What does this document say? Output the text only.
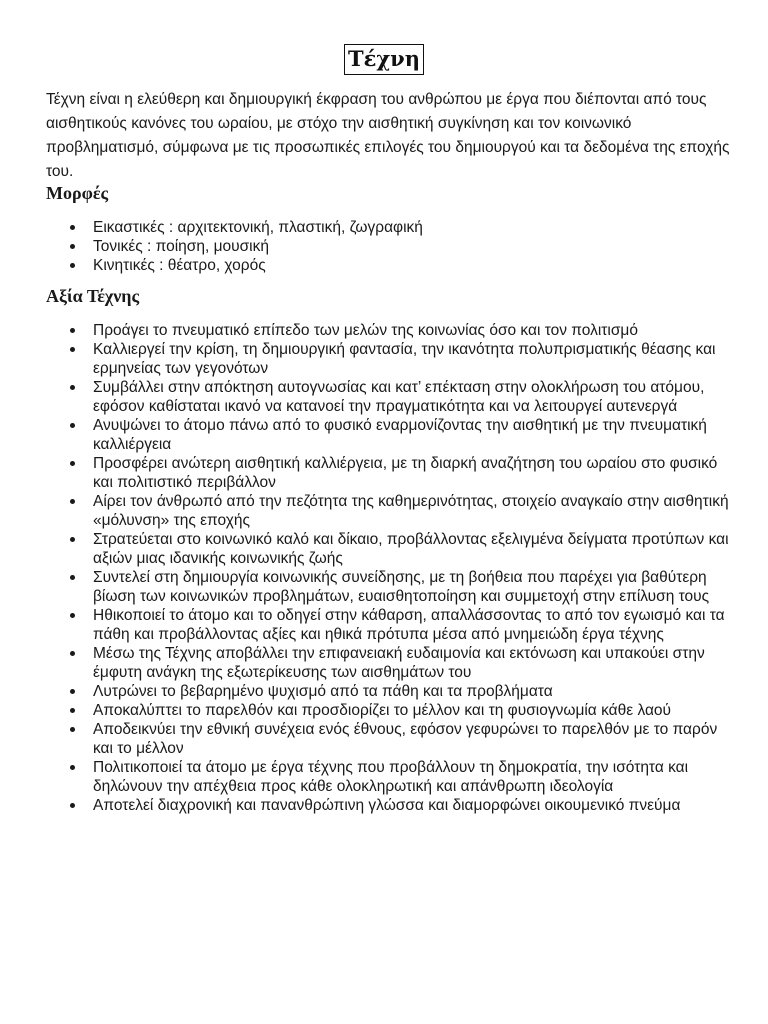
Τέχνη

Τέχνη είναι η ελεύθερη και δημιουργική έκφραση του ανθρώπου με έργα που διέπονται από τους αισθητικούς κανόνες του ωραίου, με στόχο την αισθητική συγκίνηση και τον κοινωνικό προβληματισμό, σύμφωνα με τις προσωπικές επιλογές του δημιουργού και τα δεδομένα της εποχής του.

Μορφές
Εικαστικές : αρχιτεκτονική, πλαστική, ζωγραφική
Τονικές : ποίηση, μουσική
Κινητικές : θέατρο, χορός
Αξία Τέχνης
Προάγει το πνευματικό επίπεδο των μελών της κοινωνίας όσο και τον πολιτισμό
Καλλιεργεί την κρίση, τη δημιουργική φαντασία, την ικανότητα πολυπρισματικής θέασης και ερμηνείας των γεγονότων
Συμβάλλει στην απόκτηση αυτογνωσίας και κατ’ επέκταση στην ολοκλήρωση του ατόμου, εφόσον καθίσταται ικανό να κατανοεί την πραγματικότητα και να λειτουργεί αυτενεργά
Ανυψώνει το άτομο πάνω από το φυσικό εναρμονίζοντας την αισθητική με την πνευματική καλλιέργεια
Προσφέρει ανώτερη αισθητική καλλιέργεια, με τη διαρκή αναζήτηση του ωραίου στο φυσικό και πολιτιστικό περιβάλλον
Αίρει τον άνθρωπό από την πεζότητα της καθημερινότητας, στοιχείο αναγκαίο στην αισθητική «μόλυνση» της εποχής
Στρατεύεται στο κοινωνικό καλό και δίκαιο, προβάλλοντας εξελιγμένα δείγματα προτύπων και αξιών μιας ιδανικής κοινωνικής ζωής
Συντελεί στη δημιουργία κοινωνικής συνείδησης, με τη βοήθεια που παρέχει για βαθύτερη βίωση των κοινωνικών προβλημάτων, ευαισθητοποίηση και συμμετοχή στην επίλυση τους
Ηθικοποιεί το άτομο και το οδηγεί στην κάθαρση, απαλλάσσοντας το από τον εγωισμό και τα πάθη και προβάλλοντας αξίες και ηθικά πρότυπα μέσα από μνημειώδη έργα τέχνης
Μέσω της Τέχνης αποβάλλει την επιφανειακή ευδαιμονία και εκτόνωση και υπακούει στην έμφυτη ανάγκη της εξωτερίκευσης των αισθημάτων του
Λυτρώνει το βεβαρημένο ψυχισμό από τα πάθη και τα προβλήματα
Αποκαλύπτει το παρελθόν και προσδιορίζει το μέλλον και τη φυσιογνωμία κάθε λαού
Αποδεικνύει την εθνική συνέχεια ενός έθνους, εφόσον γεφυρώνει το παρελθόν με το παρόν και το μέλλον
Πολιτικοποιεί τα άτομο με έργα τέχνης που προβάλλουν τη δημοκρατία, την ισότητα και δηλώνουν την απέχθεια προς κάθε ολοκληρωτική και απάνθρωπη ιδεολογία
Αποτελεί διαχρονική και πανανθρώπινη γλώσσα και διαμορφώνει οικουμενικό πνεύμα
